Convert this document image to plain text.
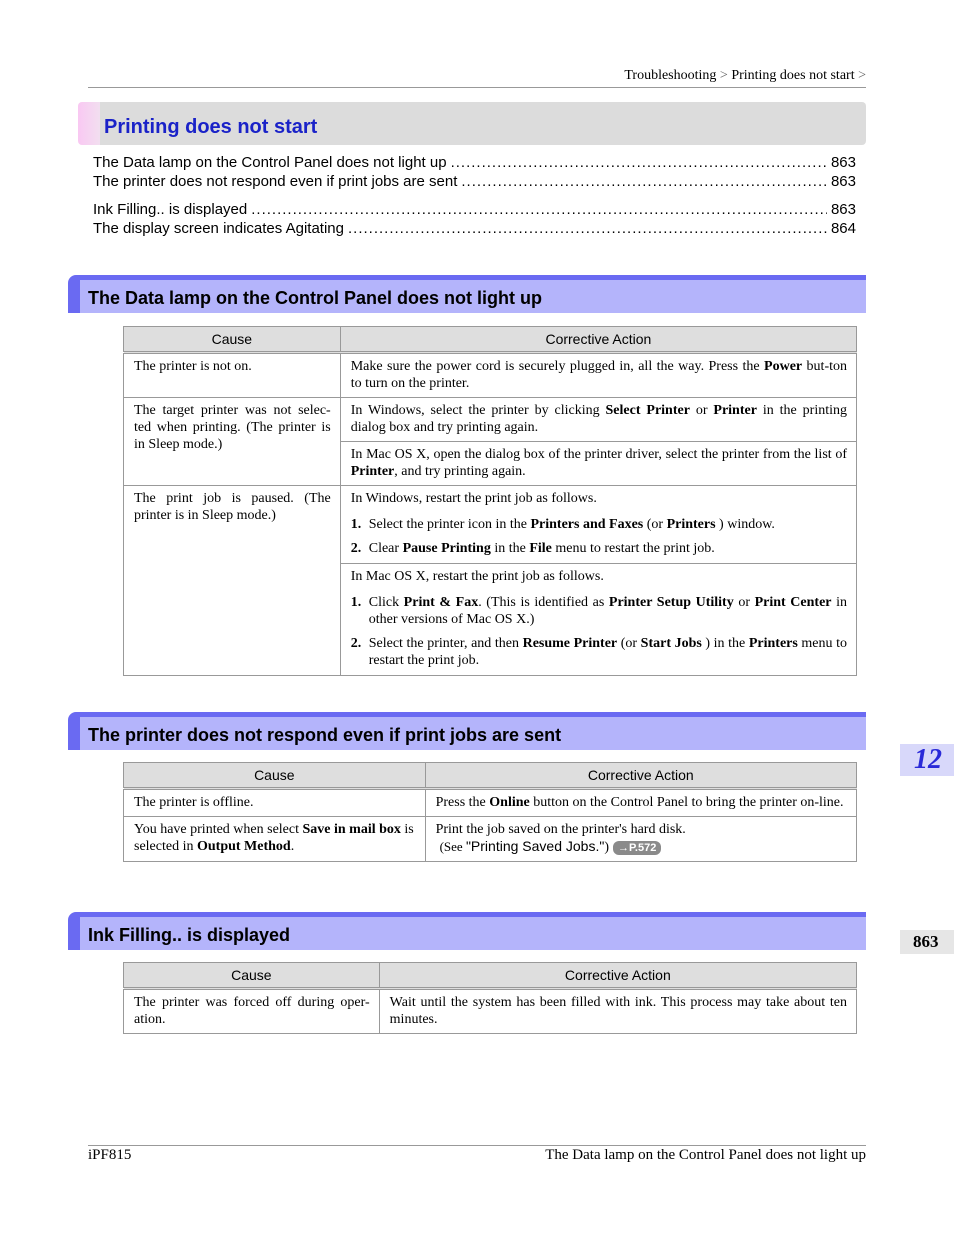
Troubleshooting > Printing does not start >
Printing does not start
The Data lamp on the Control Panel does not light up .....	863
The printer does not respond even if print jobs are sent .....	863
Ink Filling.. is displayed .....	863
The display screen indicates Agitating .....	864
The Data lamp on the Control Panel does not light up
Cause	Corrective Action
The printer is not on.	Make sure the power cord is securely plugged in, all the way. Press the Power but-ton to turn on the printer.
The target printer was not selec-ted when printing. (The printer is in Sleep mode.)	In Windows, select the printer by clicking Select Printer or Printer in the printing dialog box and try printing again.
	In Mac OS X, open the dialog box of the printer driver, select the printer from the list of Printer, and try printing again.
The print job is paused. (The printer is in Sleep mode.)	In Windows, restart the print job as follows.
1. Select the printer icon in the Printers and Faxes (or Printers ) window.
2. Clear Pause Printing in the File menu to restart the print job.

	In Mac OS X, restart the print job as follows.
1. Click Print & Fax. (This is identified as Printer Setup Utility or Print Center in other versions of Mac OS X.)
2. Select the printer, and then Resume Printer (or Start Jobs ) in the Printers menu to restart the print job.
The printer does not respond even if print jobs are sent
Cause	Corrective Action
The printer is offline.	Press the Online button on the Control Panel to bring the printer on-line.
You have printed when select Save in mail box is selected in Output Method.	Print the job saved on the printer's hard disk.
(See "Printing Saved Jobs.") →P.572
Ink Filling.. is displayed
Cause	Corrective Action
The printer was forced off during oper-ation.	Wait until the system has been filled with ink. This process may take about ten minutes.
12
863
iPF815	The Data lamp on the Control Panel does not light up
